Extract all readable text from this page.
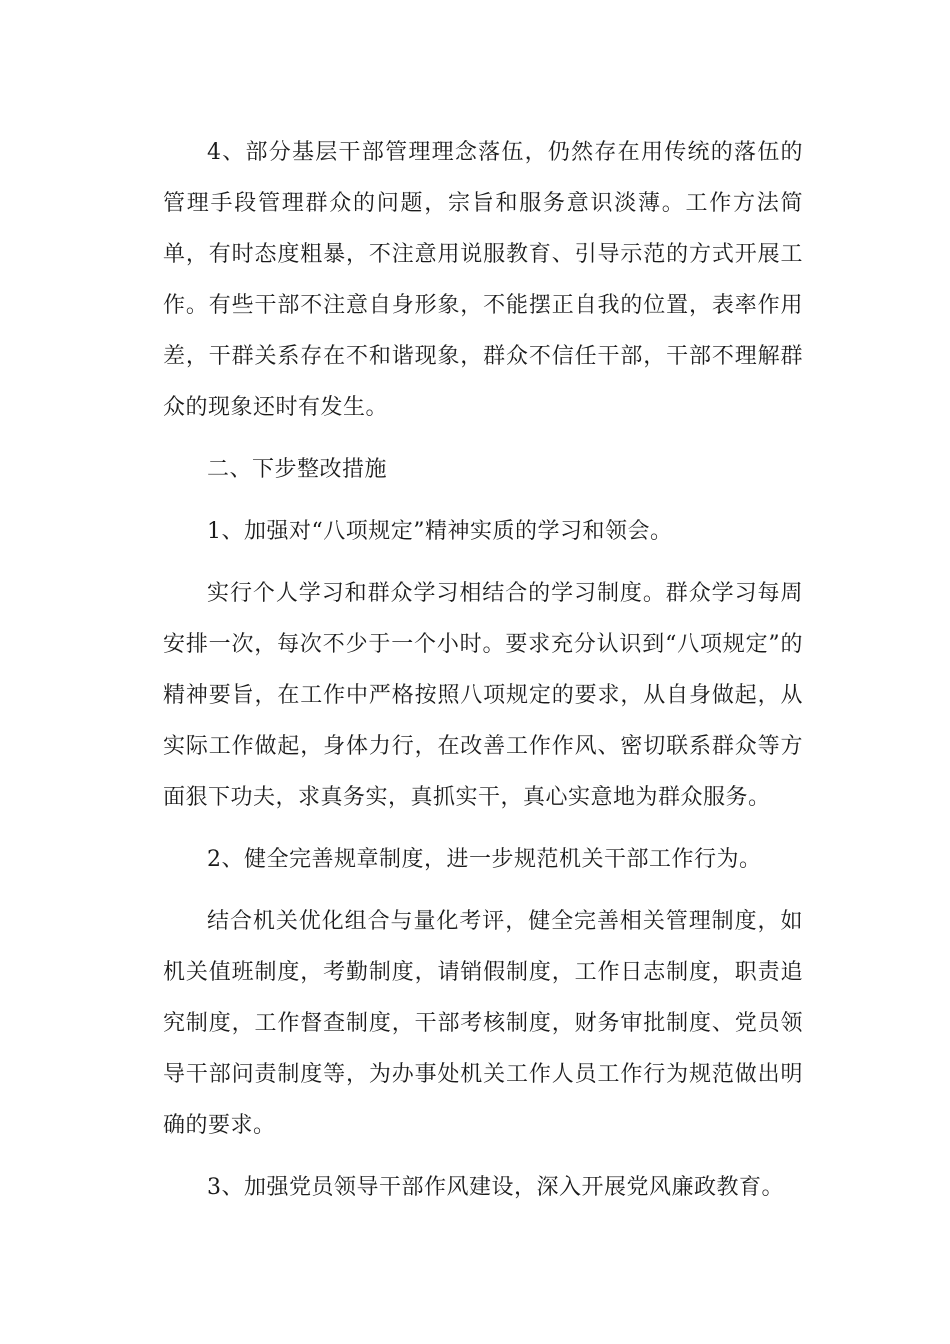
4、部分基层干部管理理念落伍，仍然存在用传统的落伍的管理手段管理群众的问题，宗旨和服务意识淡薄。工作方法简单，有时态度粗暴，不注意用说服教育、引导示范的方式开展工作。有些干部不注意自身形象，不能摆正自我的位置，表率作用差，干群关系存在不和谐现象，群众不信任干部，干部不理解群众的现象还时有发生。

二、下步整改措施

1、加强对“八项规定”精神实质的学习和领会。

实行个人学习和群众学习相结合的学习制度。群众学习每周安排一次，每次不少于一个小时。要求充分认识到“八项规定”的精神要旨，在工作中严格按照八项规定的要求，从自身做起，从实际工作做起，身体力行，在改善工作作风、密切联系群众等方面狠下功夫，求真务实，真抓实干，真心实意地为群众服务。

2、健全完善规章制度，进一步规范机关干部工作行为。

结合机关优化组合与量化考评，健全完善相关管理制度，如机关值班制度，考勤制度，请销假制度，工作日志制度，职责追究制度，工作督查制度，干部考核制度，财务审批制度、党员领导干部问责制度等，为办事处机关工作人员工作行为规范做出明确的要求。

3、加强党员领导干部作风建设，深入开展党风廉政教育。
